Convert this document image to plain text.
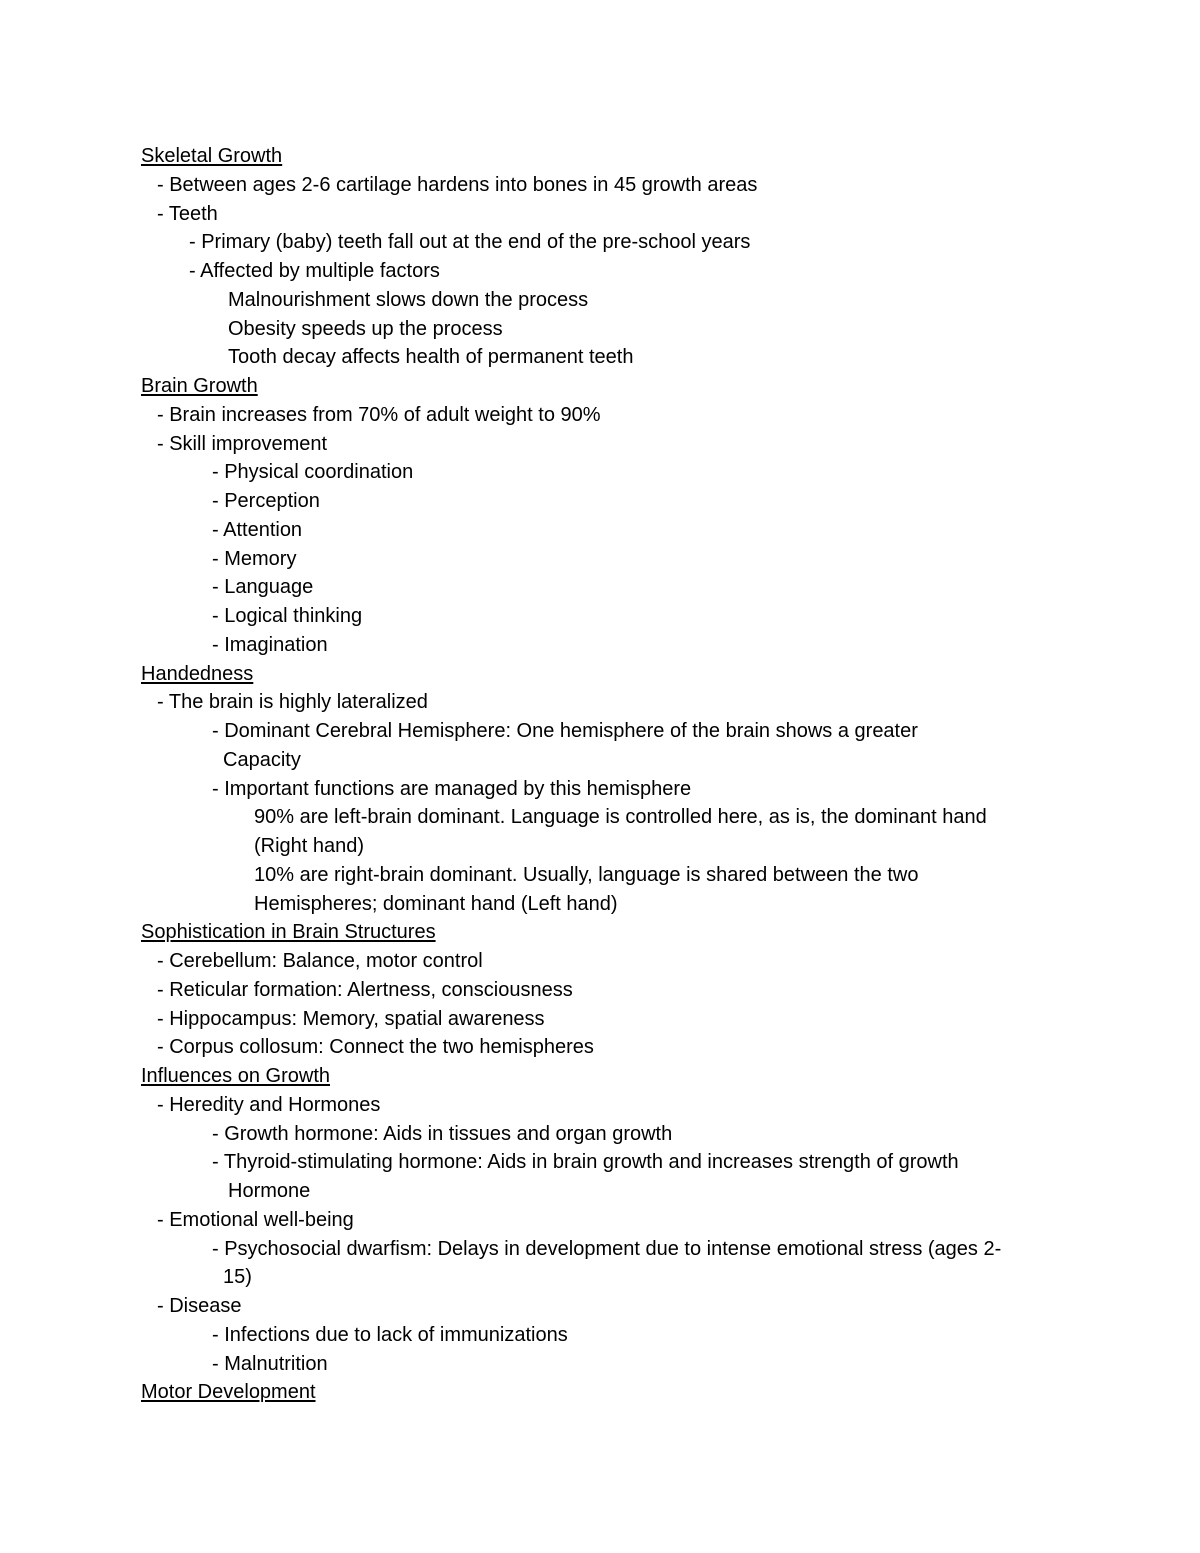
Skeletal Growth
- Between ages 2-6 cartilage hardens into bones in 45 growth areas
- Teeth
- Primary (baby) teeth fall out at the end of the pre-school years
- Affected by multiple factors
Malnourishment slows down the process
Obesity speeds up the process
Tooth decay affects health of permanent teeth
Brain Growth
- Brain increases from 70% of adult weight to 90%
- Skill improvement
- Physical coordination
- Perception
- Attention
- Memory
- Language
- Logical thinking
- Imagination
Handedness
- The brain is highly lateralized
- Dominant Cerebral Hemisphere: One hemisphere of the brain shows a greater
Capacity
- Important functions are managed by this hemisphere
90% are left-brain dominant. Language is controlled here, as is, the dominant hand
(Right hand)
10% are right-brain dominant. Usually, language is shared between the two
Hemispheres; dominant hand (Left hand)
Sophistication in Brain Structures
- Cerebellum: Balance, motor control
- Reticular formation: Alertness, consciousness
- Hippocampus: Memory, spatial awareness
- Corpus collosum: Connect the two hemispheres
Influences on Growth
- Heredity and Hormones
- Growth hormone: Aids in tissues and organ growth
- Thyroid-stimulating hormone: Aids in brain growth and increases strength of growth
Hormone
- Emotional well-being
- Psychosocial dwarfism: Delays in development due to intense emotional stress (ages 2-
15)
- Disease
- Infections due to lack of immunizations
- Malnutrition
Motor Development
